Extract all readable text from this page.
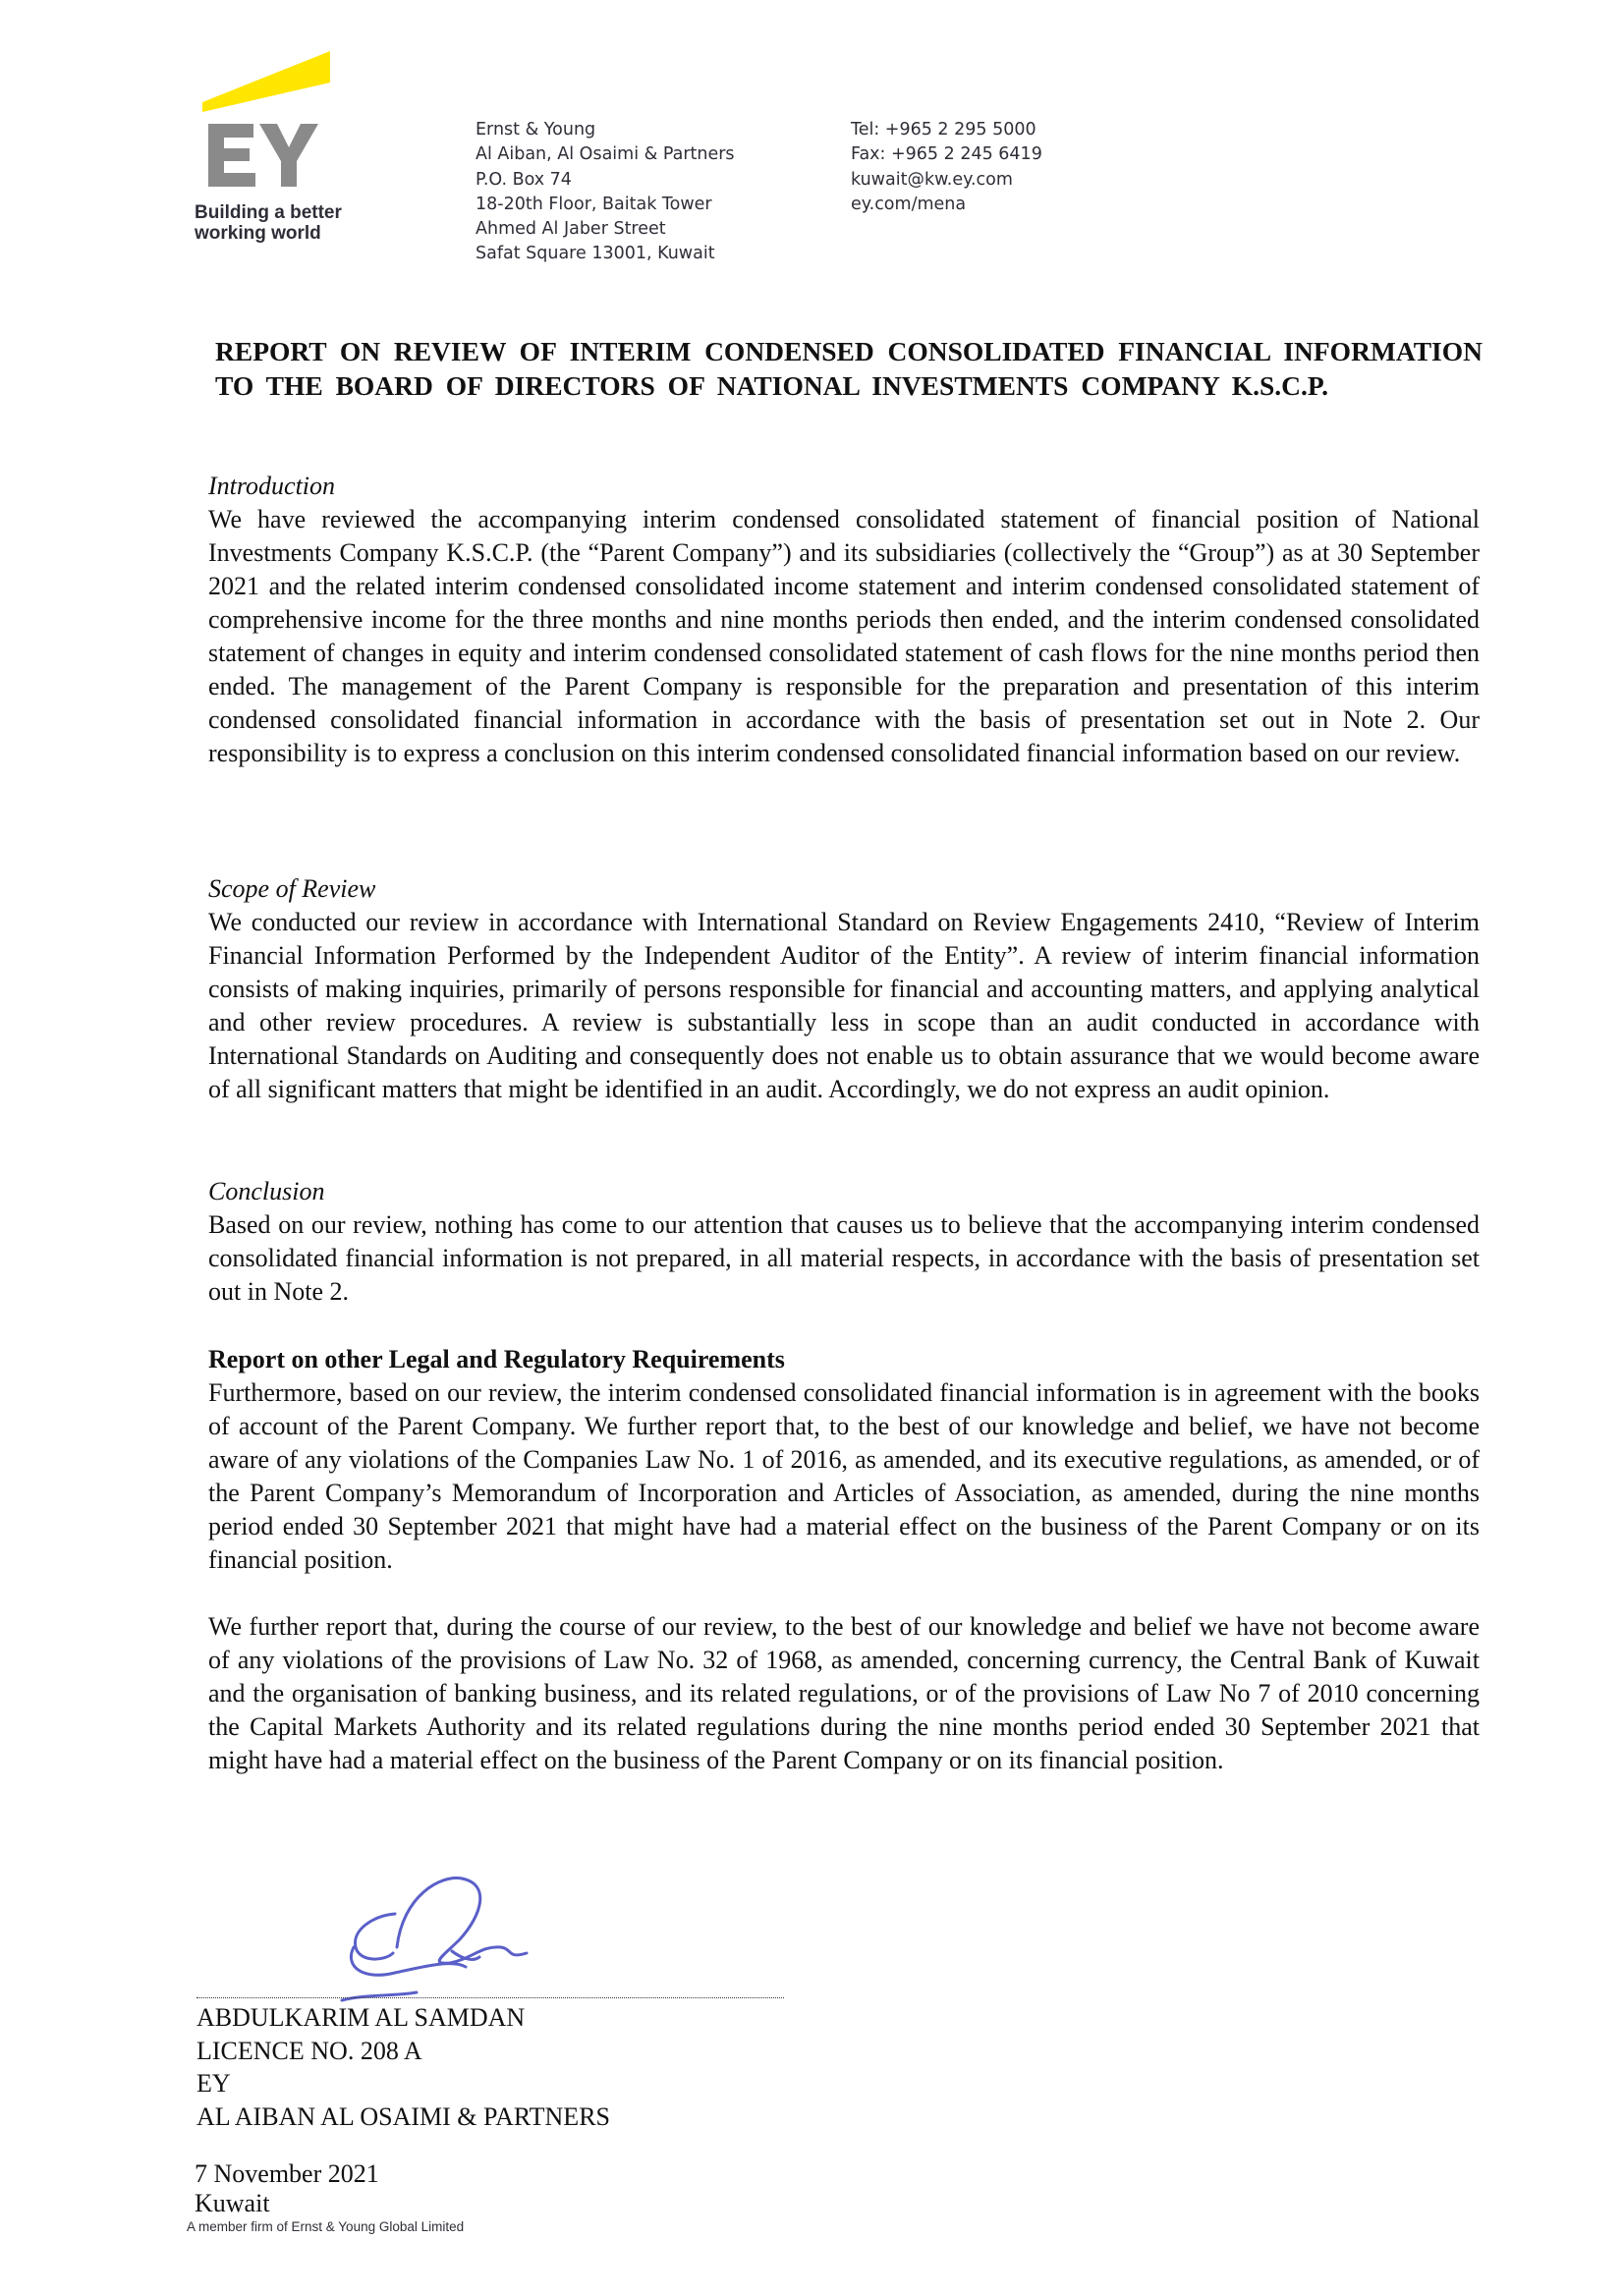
Building a better
working world
Ernst & Young
Al Aiban, Al Osaimi & Partners
P.O. Box 74
18-20th Floor, Baitak Tower
Ahmed Al Jaber Street
Safat Square 13001, Kuwait
Tel: +965 2 295 5000
Fax: +965 2 245 6419
kuwait@kw.ey.com
ey.com/mena
REPORT ON REVIEW OF INTERIM CONDENSED CONSOLIDATED FINANCIAL INFORMATION TO THE BOARD OF DIRECTORS OF NATIONAL INVESTMENTS COMPANY K.S.C.P.
Introduction

We have reviewed the accompanying interim condensed consolidated statement of financial position of National Investments Company K.S.C.P. (the “Parent Company”) and its subsidiaries (collectively the “Group”) as at 30 September 2021 and the related interim condensed consolidated income statement and interim condensed consolidated statement of comprehensive income for the three months and nine months periods then ended, and the interim condensed consolidated statement of changes in equity and interim condensed consolidated statement of cash flows for the nine months period then ended. The management of the Parent Company is responsible for the preparation and presentation of this interim condensed consolidated financial information in accordance with the basis of presentation set out in Note 2. Our responsibility is to express a conclusion on this interim condensed consolidated financial information based on our review.

Scope of Review

We conducted our review in accordance with International Standard on Review Engagements 2410, “Review of Interim Financial Information Performed by the Independent Auditor of the Entity”. A review of interim financial information consists of making inquiries, primarily of persons responsible for financial and accounting matters, and applying analytical and other review procedures. A review is substantially less in scope than an audit conducted in accordance with International Standards on Auditing and consequently does not enable us to obtain assurance that we would become aware of all significant matters that might be identified in an audit. Accordingly, we do not express an audit opinion.

Conclusion

Based on our review, nothing has come to our attention that causes us to believe that the accompanying interim condensed consolidated financial information is not prepared, in all material respects, in accordance with the basis of presentation set out in Note 2.

Report on other Legal and Regulatory Requirements

Furthermore, based on our review, the interim condensed consolidated financial information is in agreement with the books of account of the Parent Company. We further report that, to the best of our knowledge and belief, we have not become aware of any violations of the Companies Law No. 1 of 2016, as amended, and its executive regulations, as amended, or of the Parent Company’s Memorandum of Incorporation and Articles of Association, as amended, during the nine months period ended 30 September 2021 that might have had a material effect on the business of the Parent Company or on its financial position.

We further report that, during the course of our review, to the best of our knowledge and belief we have not become aware of any violations of the provisions of Law No. 32 of 1968, as amended, concerning currency, the Central Bank of Kuwait and the organisation of banking business, and its related regulations, or of the provisions of Law No 7 of 2010 concerning the Capital Markets Authority and its related regulations during the nine months period ended 30 September 2021 that might have had a material effect on the business of the Parent Company or on its financial position.

ABDULKARIM AL SAMDAN
LICENCE NO. 208 A
EY
AL AIBAN AL OSAIMI & PARTNERS
7 November 2021
Kuwait
A member firm of Ernst & Young Global Limited
